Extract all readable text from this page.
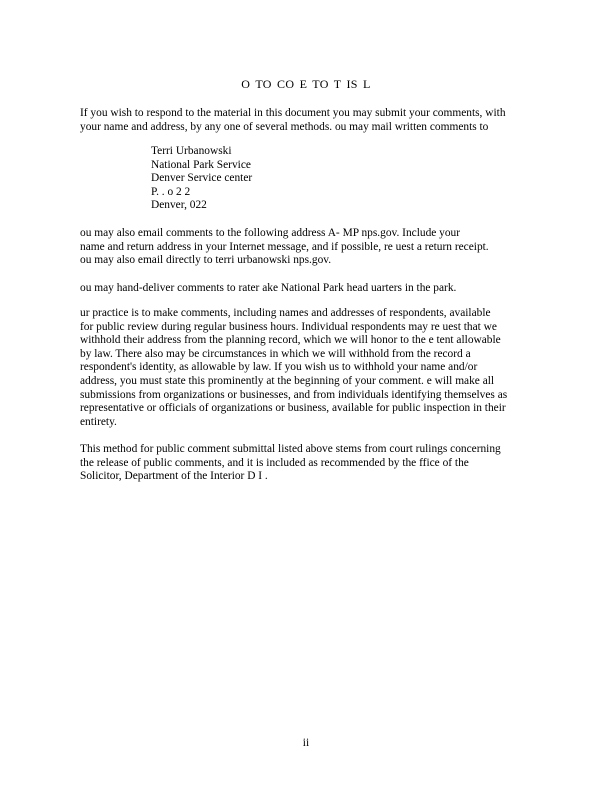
O TO CO E TO T IS L

If you wish to respond to the material in this document you may submit your comments, with
your name and address, by any one of several methods. ou may mail written comments to

Terri Urbanowski
National Park Service
Denver Service center
P. . o 2 2
Denver, 022

ou may also email comments to the following address A- MP nps.gov. Include your
name and return address in your Internet message, and if possible, re uest a return receipt.
ou may also email directly to terri urbanowski nps.gov.

ou may hand-deliver comments to rater ake National Park head uarters in the park.

ur practice is to make comments, including names and addresses of respondents, available
for public review during regular business hours. Individual respondents may re uest that we
withhold their address from the planning record, which we will honor to the e tent allowable
by law. There also may be circumstances in which we will withhold from the record a
respondent's identity, as allowable by law. If you wish us to withhold your name and/or
address, you must state this prominently at the beginning of your comment. e will make all
submissions from organizations or businesses, and from individuals identifying themselves as
representative or officials of organizations or business, available for public inspection in their
entirety.

This method for public comment submittal listed above stems from court rulings concerning
the release of public comments, and it is included as recommended by the ffice of the
Solicitor, Department of the Interior D I .

ii
